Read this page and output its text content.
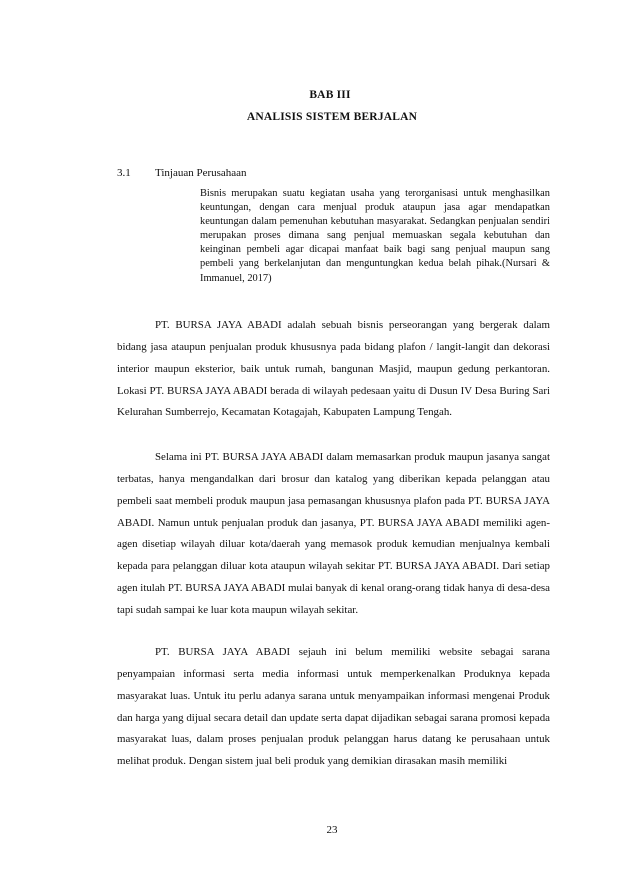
BAB III
ANALISIS SISTEM BERJALAN
3.1 Tinjauan Perusahaan
Bisnis merupakan suatu kegiatan usaha yang terorganisasi untuk menghasilkan keuntungan, dengan cara menjual produk ataupun jasa agar mendapatkan keuntungan dalam pemenuhan kebutuhan masyarakat. Sedangkan penjualan sendiri merupakan proses dimana sang penjual memuaskan segala kebutuhan dan keinginan pembeli agar dicapai manfaat baik bagi sang penjual maupun sang pembeli yang berkelanjutan dan menguntungkan kedua belah pihak.(Nursari & Immanuel, 2017)

PT. BURSA JAYA ABADI adalah sebuah bisnis perseorangan yang bergerak dalam bidang jasa ataupun penjualan produk khususnya pada bidang plafon / langit-langit dan dekorasi interior maupun eksterior, baik untuk rumah, bangunan Masjid, maupun gedung perkantoran. Lokasi PT. BURSA JAYA ABADI berada di wilayah pedesaan yaitu di Dusun IV Desa Buring Sari Kelurahan Sumberrejo, Kecamatan Kotagajah, Kabupaten Lampung Tengah.

Selama ini PT. BURSA JAYA ABADI dalam memasarkan produk maupun jasanya sangat terbatas, hanya mengandalkan dari brosur dan katalog yang diberikan kepada pelanggan atau pembeli saat membeli produk maupun jasa pemasangan khususnya plafon pada PT. BURSA JAYA ABADI. Namun untuk penjualan produk dan jasanya, PT. BURSA JAYA ABADI memiliki agen-agen disetiap wilayah diluar kota/daerah yang memasok produk kemudian menjualnya kembali kepada para pelanggan diluar kota ataupun wilayah sekitar PT. BURSA JAYA ABADI. Dari setiap agen itulah PT. BURSA JAYA ABADI mulai banyak di kenal orang-orang tidak hanya di desa-desa tapi sudah sampai ke luar kota maupun wilayah sekitar.

PT. BURSA JAYA ABADI sejauh ini belum memiliki website sebagai sarana penyampaian informasi serta media informasi untuk memperkenalkan Produknya kepada masyarakat luas. Untuk itu perlu adanya sarana untuk menyampaikan informasi mengenai Produk dan harga yang dijual secara detail dan update serta dapat dijadikan sebagai sarana promosi kepada masyarakat luas, dalam proses penjualan produk pelanggan harus datang ke perusahaan untuk melihat produk. Dengan sistem jual beli produk yang demikian dirasakan masih memiliki

23
